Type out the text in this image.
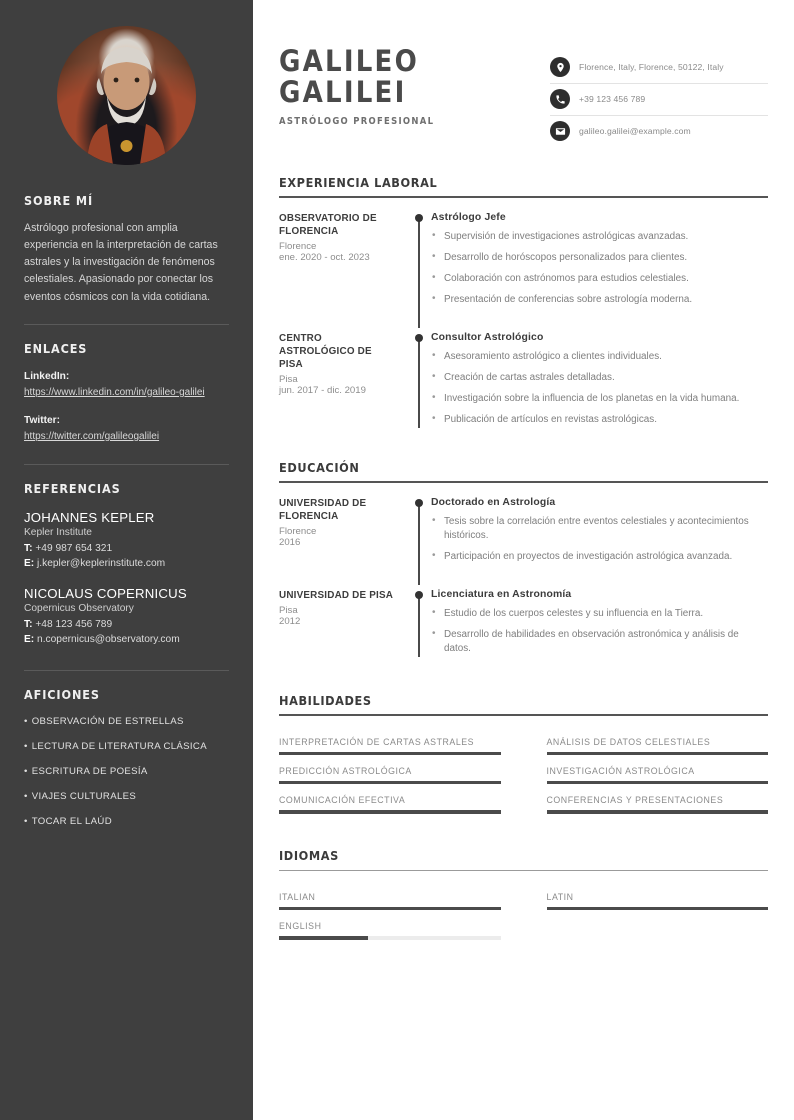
SOBRE MÍ
Astrólogo profesional con amplia experiencia en la interpretación de cartas astrales y la investigación de fenómenos celestiales. Apasionado por conectar los eventos cósmicos con la vida cotidiana.
ENLACES
LinkedIn:
https://www.linkedin.com/in/galileo-galilei
Twitter:
https://twitter.com/galileogalilei
REFERENCIAS
JOHANNES KEPLER
Kepler Institute
T: +49 987 654 321
E: j.kepler@keplerinstitute.com
NICOLAUS COPERNICUS
Copernicus Observatory
T: +48 123 456 789
E: n.copernicus@observatory.com
AFICIONES
• OBSERVACIÓN DE ESTRELLAS
• LECTURA DE LITERATURA CLÁSICA
• ESCRITURA DE POESÍA
• VIAJES CULTURALES
• TOCAR EL LAÚD
GALILEO
GALILEI
ASTRÓLOGO PROFESIONAL
Florence, Italy, Florence, 50122, Italy
+39 123 456 789
galileo.galilei@example.com
EXPERIENCIA LABORAL
OBSERVATORIO DE FLORENCIA
Florence
ene. 2020 - oct. 2023
Astrólogo Jefe
• Supervisión de investigaciones astrológicas avanzadas.
• Desarrollo de horóscopos personalizados para clientes.
• Colaboración con astrónomos para estudios celestiales.
• Presentación de conferencias sobre astrología moderna.
CENTRO ASTROLÓGICO DE PISA
Pisa
jun. 2017 - dic. 2019
Consultor Astrológico
• Asesoramiento astrológico a clientes individuales.
• Creación de cartas astrales detalladas.
• Investigación sobre la influencia de los planetas en la vida humana.
• Publicación de artículos en revistas astrológicas.
EDUCACIÓN
UNIVERSIDAD DE FLORENCIA
Florence
2016
Doctorado en Astrología
• Tesis sobre la correlación entre eventos celestiales y acontecimientos históricos.
• Participación en proyectos de investigación astrológica avanzada.
UNIVERSIDAD DE PISA
Pisa
2012
Licenciatura en Astronomía
• Estudio de los cuerpos celestes y su influencia en la Tierra.
• Desarrollo de habilidades en observación astronómica y análisis de datos.
HABILIDADES
INTERPRETACIÓN DE CARTAS ASTRALES
PREDICCIÓN ASTROLÓGICA
COMUNICACIÓN EFECTIVA
ANÁLISIS DE DATOS CELESTIALES
INVESTIGACIÓN ASTROLÓGICA
CONFERENCIAS Y PRESENTACIONES
IDIOMAS
ITALIAN
ENGLISH
LATIN
